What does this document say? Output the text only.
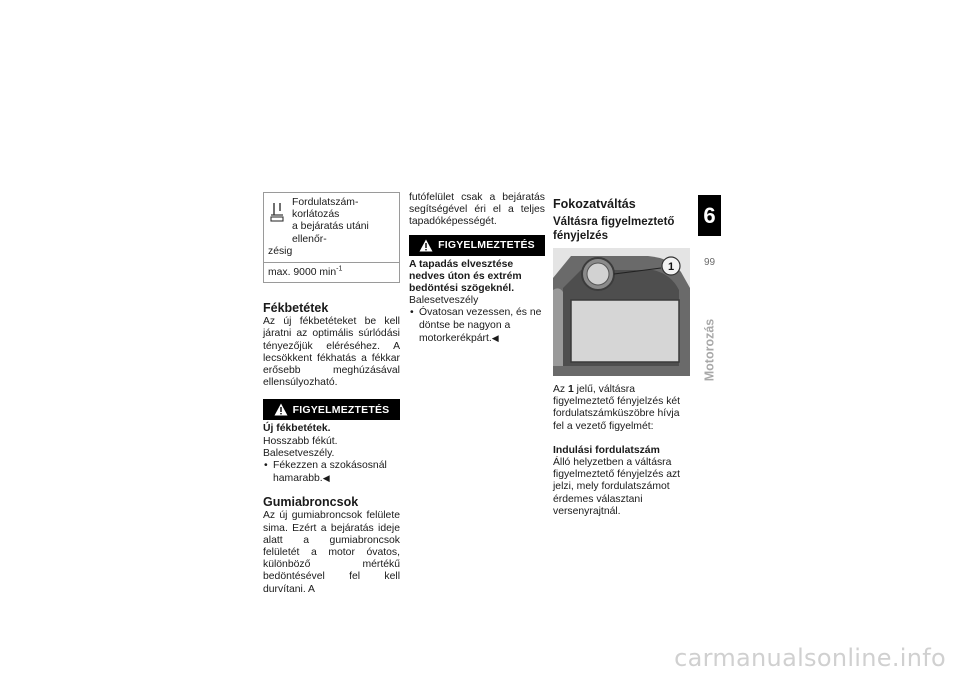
Fordulatszám-korlátozás

a bejáratás utáni ellenőr-

zésig

max. 9000 $\min^{-1}$
Fékbetétek

Az új fékbetéteket be kell járatni az optimális súrlódási tényezőjük eléréséhez. A lecsökkent fékhatás a fékkar erősebb meghúzásával ellensúlyozható.

FIGYELMEZTETÉS

Új fékbetétek.

Hosszabb fékút. Balesetveszély.

• Fékezzen a szokásosnál hamarabb.◀
Gumiabroncsok

Az új gumiabroncsok felülete sima. Ezért a bejáratás ideje alatt a gumiabroncsok felületét a motor óvatos, különböző mértékű bedöntésével fel kell durvítani. A

futófelület csak a bejáratás segítségével éri el a teljes tapadóképességét.

FIGYELMEZTETÉS

A tapadás elvesztése nedves úton és extrém bedöntési szögeknél.

Balesetveszély

• Óvatosan vezessen, és ne döntse be nagyon a motorkerékpárt.◀
Fokozatváltás
Váltásra figyelmeztető fényjelzés
1

Az 1 jelű, váltásra figyelmeztető fényjelzés két fordulatszámküszöbre hívja fel a vezető figyelmét:

Indulási fordulatszám

Álló helyzetben a váltásra figyelmeztető fényjelzés azt jelzi, mely fordulatszámot érdemes választani versenyrajtnál.

6
99
Motorozás
carmanualsonline.info
